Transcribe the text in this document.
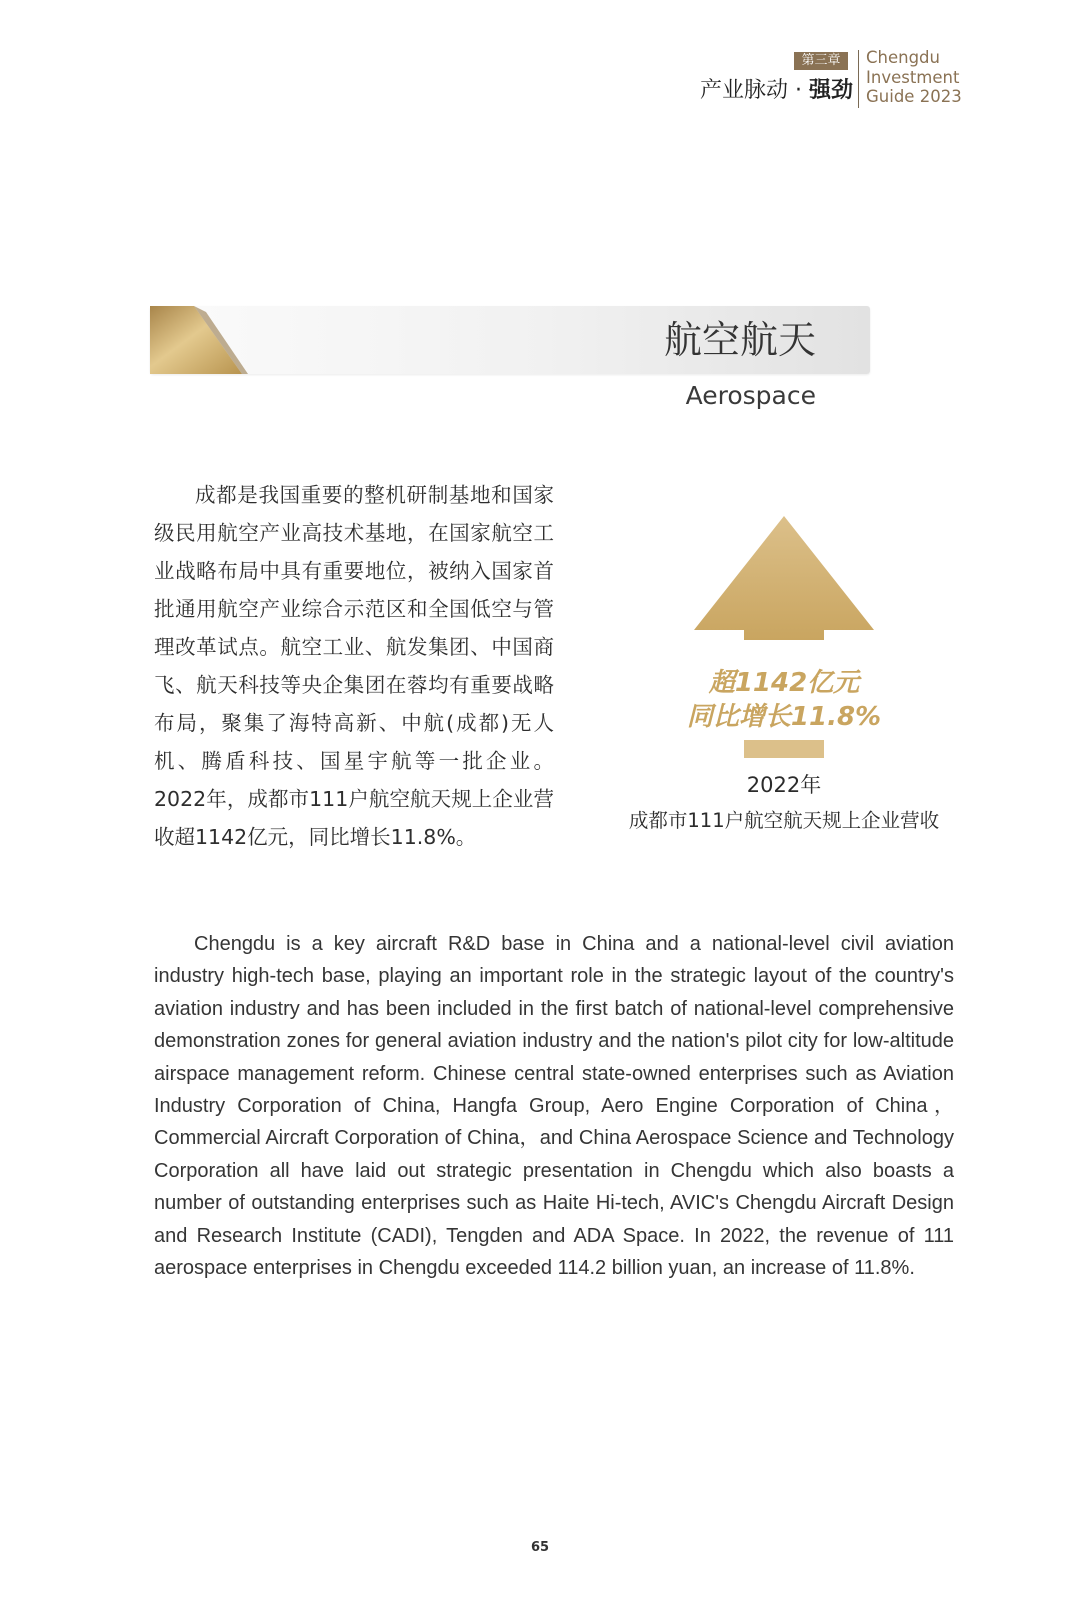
第三章
产业脉动 · 强劲
Chengdu
Investment
Guide 2023
航空航天
Aerospace
成都是我国重要的整机研制基地和国家级民用航空产业高技术基地，在国家航空工业战略布局中具有重要地位，被纳入国家首批通用航空产业综合示范区和全国低空与管理改革试点。航空工业、航发集团、中国商飞、航天科技等央企集团在蓉均有重要战略布局，聚集了海特高新、中航(成都)无人机、腾盾科技、国星宇航等一批企业。2022年，成都市111户航空航天规上企业营收超1142亿元，同比增长11.8%。
超1142亿元
同比增长11.8%
2022年
成都市111户航空航天规上企业营收
Chengdu is a key aircraft R&D base in China and a national-level civil aviation industry high-tech base, playing an important role in the strategic layout of the country's aviation industry and has been included in the first batch of national-level comprehensive demonstration zones for general aviation industry and the nation's pilot city for low-altitude airspace management reform. Chinese central state-owned enterprises such as Aviation Industry Corporation of China, Hangfa Group, Aero Engine Corporation of China，Commercial Aircraft Corporation of China，and China Aerospace Science and Technology Corporation all have laid out strategic presentation in Chengdu which also boasts a number of outstanding enterprises such as Haite Hi-tech, AVIC's Chengdu Aircraft Design and Research Institute (CADI), Tengden and ADA Space. In 2022, the revenue of 111 aerospace enterprises in Chengdu exceeded 114.2 billion yuan, an increase of 11.8%.
65
